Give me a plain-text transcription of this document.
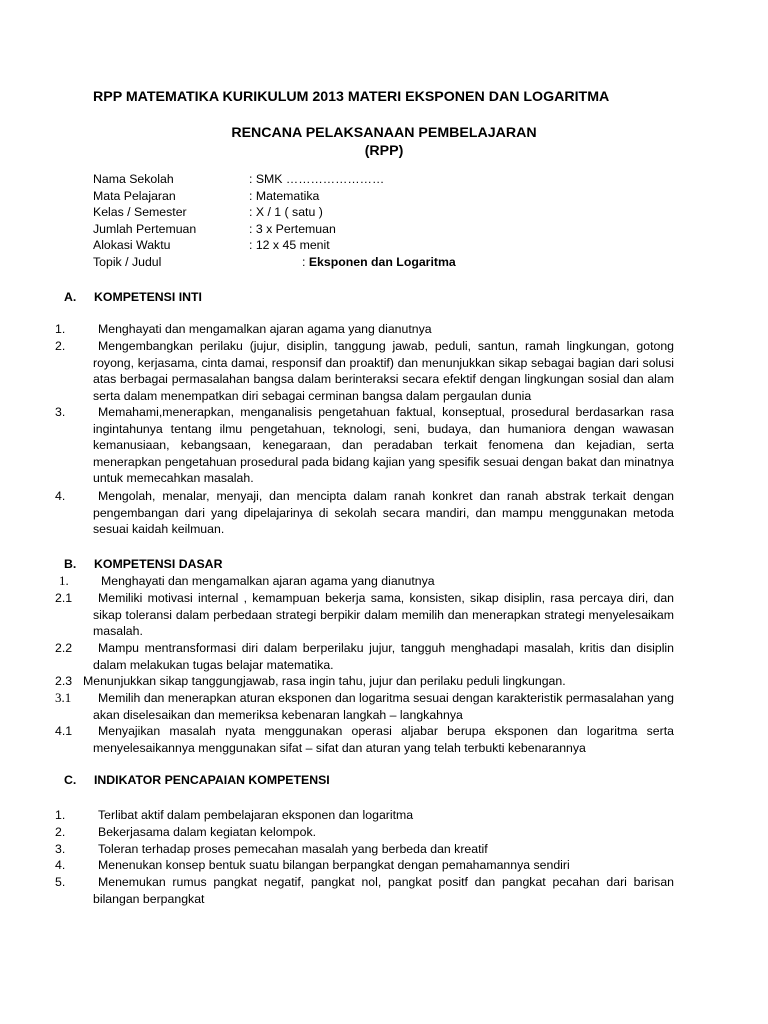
RPP MATEMATIKA KURIKULUM 2013 MATERI EKSPONEN DAN LOGARITMA
RENCANA PELAKSANAAN PEMBELAJARAN
(RPP)
Nama Sekolah	: SMK ……………………
Mata Pelajaran	: Matematika
Kelas / Semester	: X / 1 ( satu )
Jumlah Pertemuan	: 3 x Pertemuan
Alokasi Waktu	: 12 x 45 menit
Topik / Judul	: Eksponen dan Logaritma
A. KOMPETENSI INTI
1.	Menghayati dan mengamalkan ajaran agama yang dianutnya
2.	Mengembangkan perilaku (jujur, disiplin, tanggung jawab, peduli, santun, ramah lingkungan, gotong royong, kerjasama, cinta damai, responsif dan proaktif) dan menunjukkan sikap sebagai bagian dari solusi atas berbagai permasalahan bangsa dalam berinteraksi secara efektif dengan lingkungan sosial dan alam serta dalam menempatkan diri sebagai cerminan bangsa dalam pergaulan dunia
3.	Memahami,menerapkan, menganalisis pengetahuan faktual, konseptual, prosedural berdasarkan rasa ingintahunya tentang ilmu pengetahuan, teknologi, seni, budaya, dan humaniora dengan wawasan kemanusiaan, kebangsaan, kenegaraan, dan peradaban terkait fenomena dan kejadian, serta menerapkan pengetahuan prosedural pada bidang kajian yang spesifik sesuai dengan bakat dan minatnya untuk memecahkan masalah.
4.	Mengolah, menalar, menyaji, dan mencipta dalam ranah konkret dan ranah abstrak terkait dengan pengembangan dari yang dipelajarinya di sekolah secara mandiri, dan mampu menggunakan metoda sesuai kaidah keilmuan.
B. KOMPETENSI DASAR
1.	Menghayati dan mengamalkan ajaran agama yang dianutnya
2.1	Memiliki motivasi internal , kemampuan bekerja sama, konsisten, sikap disiplin, rasa percaya diri, dan sikap toleransi dalam perbedaan strategi berpikir dalam memilih dan menerapkan strategi menyelesaikam masalah.
2.2	Mampu mentransformasi diri dalam berperilaku jujur, tangguh menghadapi masalah, kritis dan disiplin dalam melakukan tugas belajar matematika.
2.3 Menunjukkan sikap tanggungjawab, rasa ingin tahu, jujur dan perilaku peduli lingkungan.
3.1	Memilih dan menerapkan aturan eksponen dan logaritma sesuai dengan karakteristik permasalahan yang akan diselesaikan dan memeriksa kebenaran langkah – langkahnya
4.1	Menyajikan masalah nyata menggunakan operasi aljabar berupa eksponen dan logaritma serta menyelesaikannya menggunakan sifat – sifat dan aturan yang telah terbukti kebenarannya
C. INDIKATOR PENCAPAIAN KOMPETENSI
1.	Terlibat aktif dalam pembelajaran eksponen dan logaritma
2.	Bekerjasama dalam kegiatan kelompok.
3.	Toleran terhadap proses pemecahan masalah yang berbeda dan kreatif
4.	Menenukan konsep bentuk suatu bilangan berpangkat dengan pemahamannya sendiri
5.	Menemukan rumus pangkat negatif, pangkat nol, pangkat positf dan pangkat pecahan dari barisan bilangan berpangkat
